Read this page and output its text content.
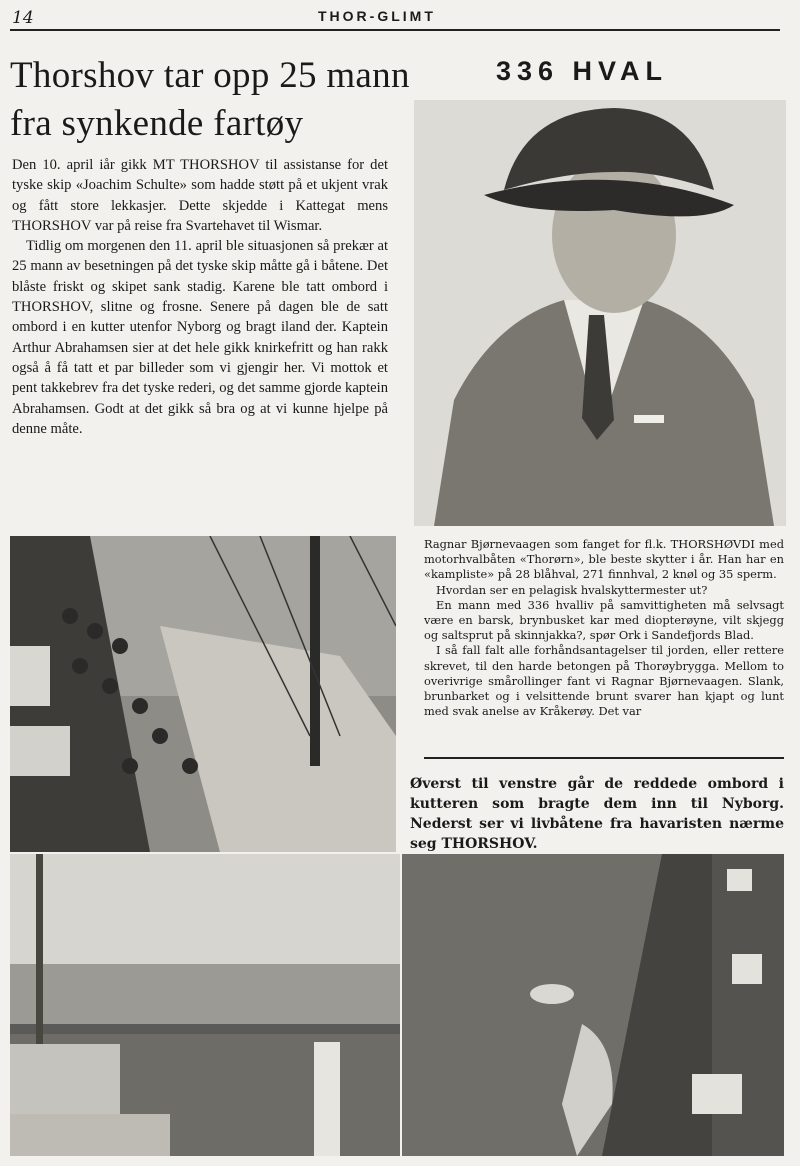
14	THOR-GLIMT
Thorshov tar opp 25 mann fra synkende fartøy

Den 10. april iår gikk MT THORSHOV til assistanse for det tyske skip «Joachim Schulte» som hadde støtt på et ukjent vrak og fått store lekkasjer. Dette skjedde i Kattegat mens THORSHOV var på reise fra Svartehavet til Wismar.

Tidlig om morgenen den 11. april ble situasjonen så prekær at 25 mann av besetningen på det tyske skip måtte gå i båtene. Det blåste friskt og skipet sank stadig. Karene ble tatt ombord i THORSHOV, slitne og frosne. Senere på dagen ble de satt ombord i en kutter utenfor Nyborg og bragt iland der. Kaptein Arthur Abrahamsen sier at det hele gikk knirkefritt og han rakk også å få tatt et par billeder som vi gjengir her. Vi mottok et pent takkebrev fra det tyske rederi, og det samme gjorde kaptein Abrahamsen. Godt at det gikk så bra og at vi kunne hjelpe på denne måte.

336 HVAL

Ragnar Bjørnevaagen som fanget for fl.k. THORSHØVDI med motorhvalbåten «Thorørn», ble beste skytter i år. Han har en «kampliste» på 28 blåhval, 271 finnhval, 2 knøl og 35 sperm.

Hvordan ser en pelagisk hvalskyttermester ut?

En mann med 336 hvalliv på samvittigheten må selvsagt være en barsk, brynbusket kar med diopterøyne, vilt skjegg og saltsprut på skinnjakka?, spør Ork i Sandefjords Blad.

I så fall falt alle forhåndsantagelser til jorden, eller rettere skrevet, til den harde betongen på Thorøybrygga. Mellom to overivrige smårollinger fant vi Ragnar Bjørnevaagen. Slank, brunbarket og i velsittende brunt svarer han kjapt og lunt med svak anelse av Kråkerøy. Det var

Øverst til venstre går de reddede ombord i kutteren som bragte dem inn til Nyborg. Nederst ser vi livbåtene fra havaristen nærme seg THORSHOV.
